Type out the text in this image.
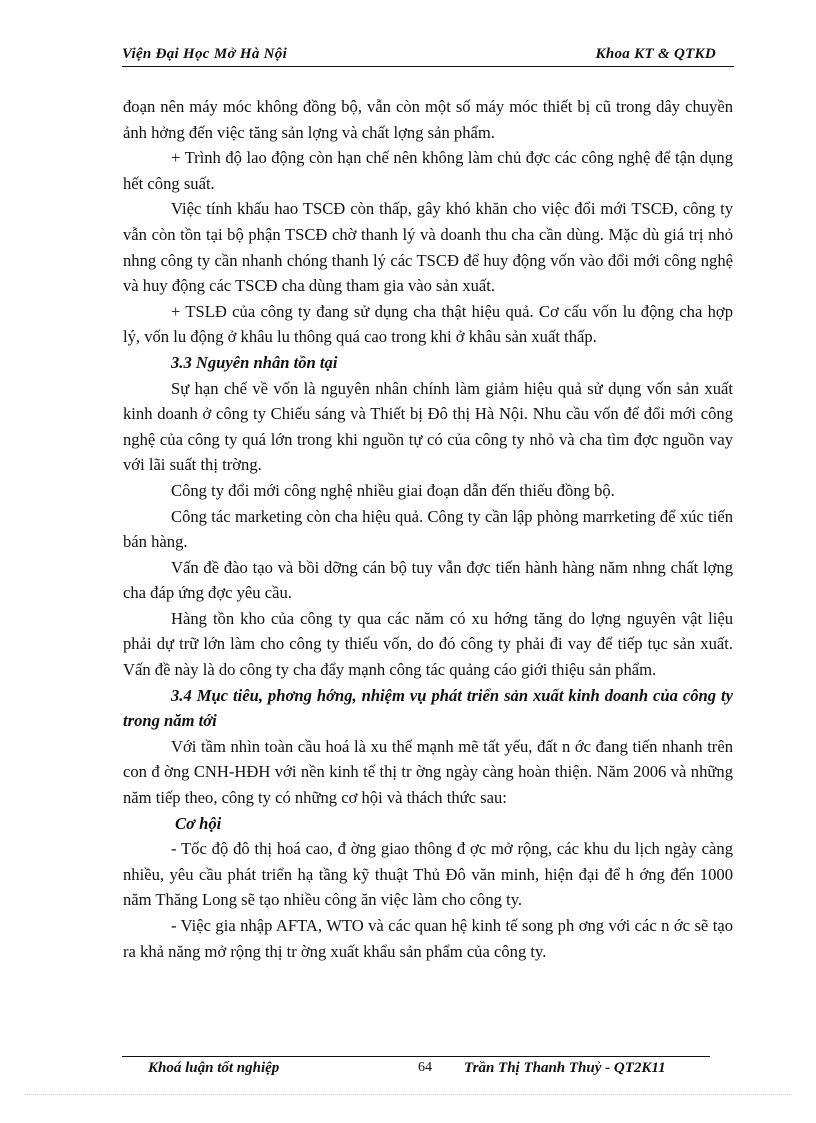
Viện Đại Học Mở Hà Nội	Khoa KT & QTKD

đoạn nên máy móc không đồng bộ, vẫn còn một số máy móc thiết bị cũ trong dây chuyền ảnh hởng đến việc tăng sản lợng và chất lợng sản phẩm.

+ Trình độ lao động còn hạn chế nên không làm chủ đợc các công nghệ để tận dụng hết công suất.

Việc tính khấu hao TSCĐ còn thấp, gây khó khăn cho việc đổi mới TSCĐ, công ty vẫn còn tồn tại bộ phận TSCĐ chờ thanh lý và doanh thu cha cần dùng. Mặc dù giá trị nhỏ nhng công ty cần nhanh chóng thanh lý các TSCĐ để huy động vốn vào đổi mới công nghệ và huy động các TSCĐ cha dùng tham gia vào sản xuất.

+ TSLĐ của công ty đang sử dụng cha thật hiệu quả. Cơ cấu vốn lu động cha hợp lý, vốn lu động ở khâu lu thông quá cao trong khi ở khâu sản xuất thấp.

3.3 Nguyên nhân tồn tại

Sự hạn chế về vốn là nguyên nhân chính làm giảm hiệu quả sử dụng vốn sản xuất kinh doanh ở công ty Chiếu sáng và Thiết bị Đô thị Hà Nội. Nhu cầu vốn để đổi mới công nghệ của công ty quá lớn trong khi nguồn tự có của công ty nhỏ và cha tìm đợc nguồn vay với lãi suất thị trờng.

Công ty đổi mới công nghệ nhiều giai đoạn dẫn đến thiếu đồng bộ.

Công tác marketing còn cha hiệu quả. Công ty cần lập phòng marrketing để xúc tiến bán hàng.

Vấn đề đào tạo và bồi dỡng cán bộ tuy vẫn đợc tiến hành hàng năm nhng chất lợng cha đáp ứng đợc yêu cầu.

Hàng tồn kho của công ty qua các năm có xu hớng tăng do lợng nguyên vật liệu phải dự trữ lớn làm cho công ty thiếu vốn, do đó công ty phải đi vay để tiếp tục sản xuất. Vấn đề này là do công ty cha đẩy mạnh công tác quảng cáo giới thiệu sản phẩm.

3.4 Mục tiêu, phơng hớng, nhiệm vụ phát triển sản xuất kinh doanh của công ty trong năm tới

Với tầm nhìn toàn cầu hoá là xu thế mạnh mẽ tất yếu, đất n ớc đang tiến nhanh trên con đ ờng CNH-HĐH với nền kinh tế thị tr ờng ngày càng hoàn thiện. Năm 2006 và những năm tiếp theo, công ty có những cơ hội và thách thức sau:

Cơ hội

- Tốc độ đô thị hoá cao, đ ờng giao thông đ ợc mở rộng, các khu du lịch ngày càng nhiều, yêu cầu phát triển hạ tầng kỹ thuật Thủ Đô văn minh, hiện đại để h ớng đến 1000 năm Thăng Long sẽ tạo nhiều công ăn việc làm cho công ty.

- Việc gia nhập AFTA, WTO và các quan hệ kinh tế song ph ơng với các n ớc sẽ tạo ra khả năng mở rộng thị tr ờng xuất khẩu sản phẩm của công ty.

Khoá luận tốt nghiệp	64 Trần Thị Thanh Thuỷ - QT2K11
